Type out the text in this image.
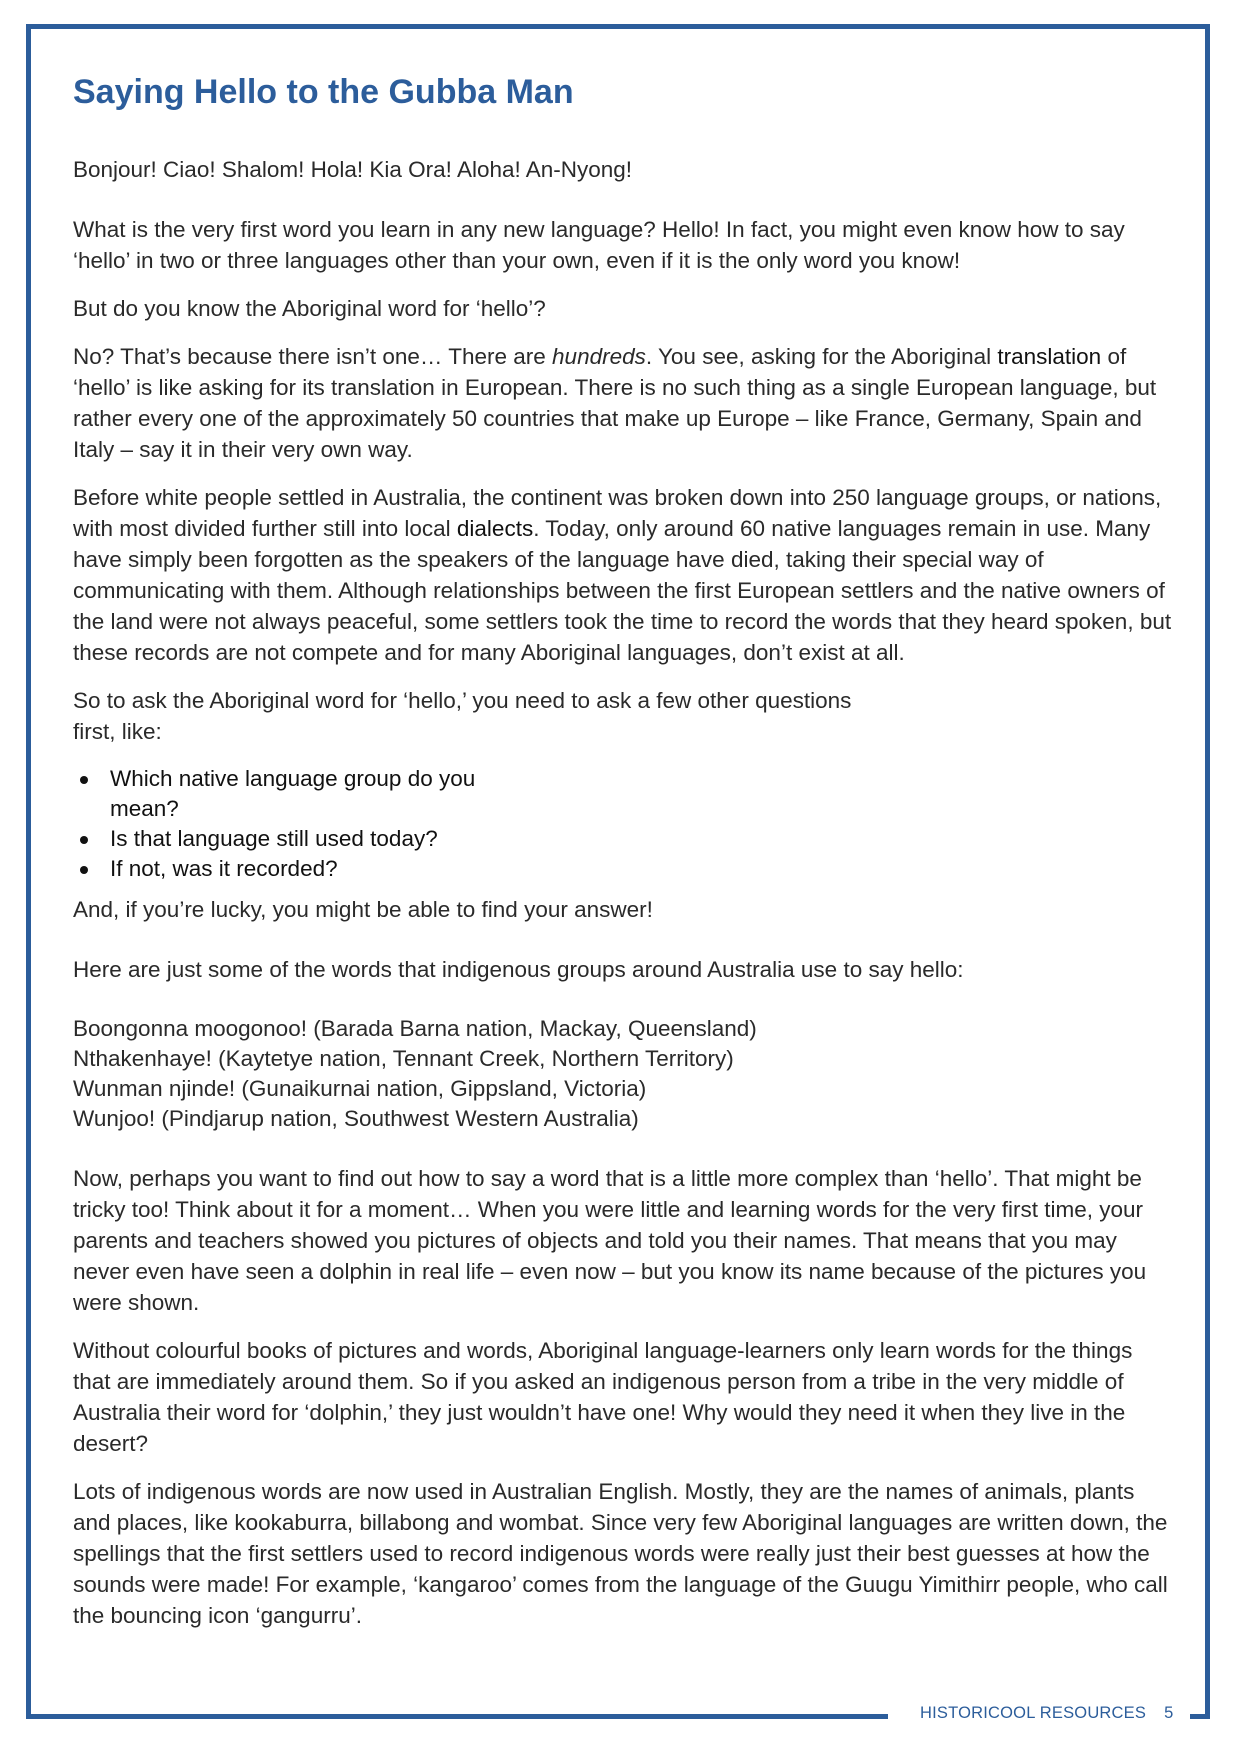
Saying Hello to the Gubba Man

Bonjour! Ciao! Shalom! Hola! Kia Ora! Aloha! An-Nyong!

What is the very first word you learn in any new language? Hello! In fact, you might even know how to say ‘hello’ in two or three languages other than your own, even if it is the only word you know!

But do you know the Aboriginal word for ‘hello’?

No? That’s because there isn’t one… There are hundreds. You see, asking for the Aboriginal translation of ‘hello’ is like asking for its translation in European. There is no such thing as a single European language, but rather every one of the approximately 50 countries that make up Europe – like France, Germany, Spain and Italy – say it in their very own way.

Before white people settled in Australia, the continent was broken down into 250 language groups, or nations, with most divided further still into local dialects. Today, only around 60 native languages remain in use. Many have simply been forgotten as the speakers of the language have died, taking their special way of communicating with them. Although relationships between the first European settlers and the native owners of the land were not always peaceful, some settlers took the time to record the words that they heard spoken, but these records are not compete and for many Aboriginal languages, don’t exist at all.

So to ask the Aboriginal word for ‘hello,’ you need to ask a few other questions
first, like:

Which native language group do you mean?
Is that language still used today?
If not, was it recorded?

And, if you’re lucky, you might be able to find your answer!

Here are just some of the words that indigenous groups around Australia use to say hello:

Boongonna moogonoo! (Barada Barna nation, Mackay, Queensland)
Nthakenhaye! (Kaytetye nation, Tennant Creek, Northern Territory)
Wunman njinde! (Gunaikurnai nation, Gippsland, Victoria)
Wunjoo! (Pindjarup nation, Southwest Western Australia)

Now, perhaps you want to find out how to say a word that is a little more complex than ‘hello’. That might be tricky too! Think about it for a moment… When you were little and learning words for the very first time, your parents and teachers showed you pictures of objects and told you their names. That means that you may never even have seen a dolphin in real life – even now – but you know its name because of the pictures you were shown.

Without colourful books of pictures and words, Aboriginal language-learners only learn words for the things that are immediately around them. So if you asked an indigenous person from a tribe in the very middle of Australia their word for ‘dolphin,’ they just wouldn’t have one! Why would they need it when they live in the desert?

Lots of indigenous words are now used in Australian English. Mostly, they are the names of animals, plants and places, like kookaburra, billabong and wombat. Since very few Aboriginal languages are written down, the spellings that the first settlers used to record indigenous words were really just their best guesses at how the sounds were made! For example, ‘kangaroo’ comes from the language of the Guugu Yimithirr people, who call the bouncing icon ‘gangurru’.

HISTORICOOL RESOURCES 5
